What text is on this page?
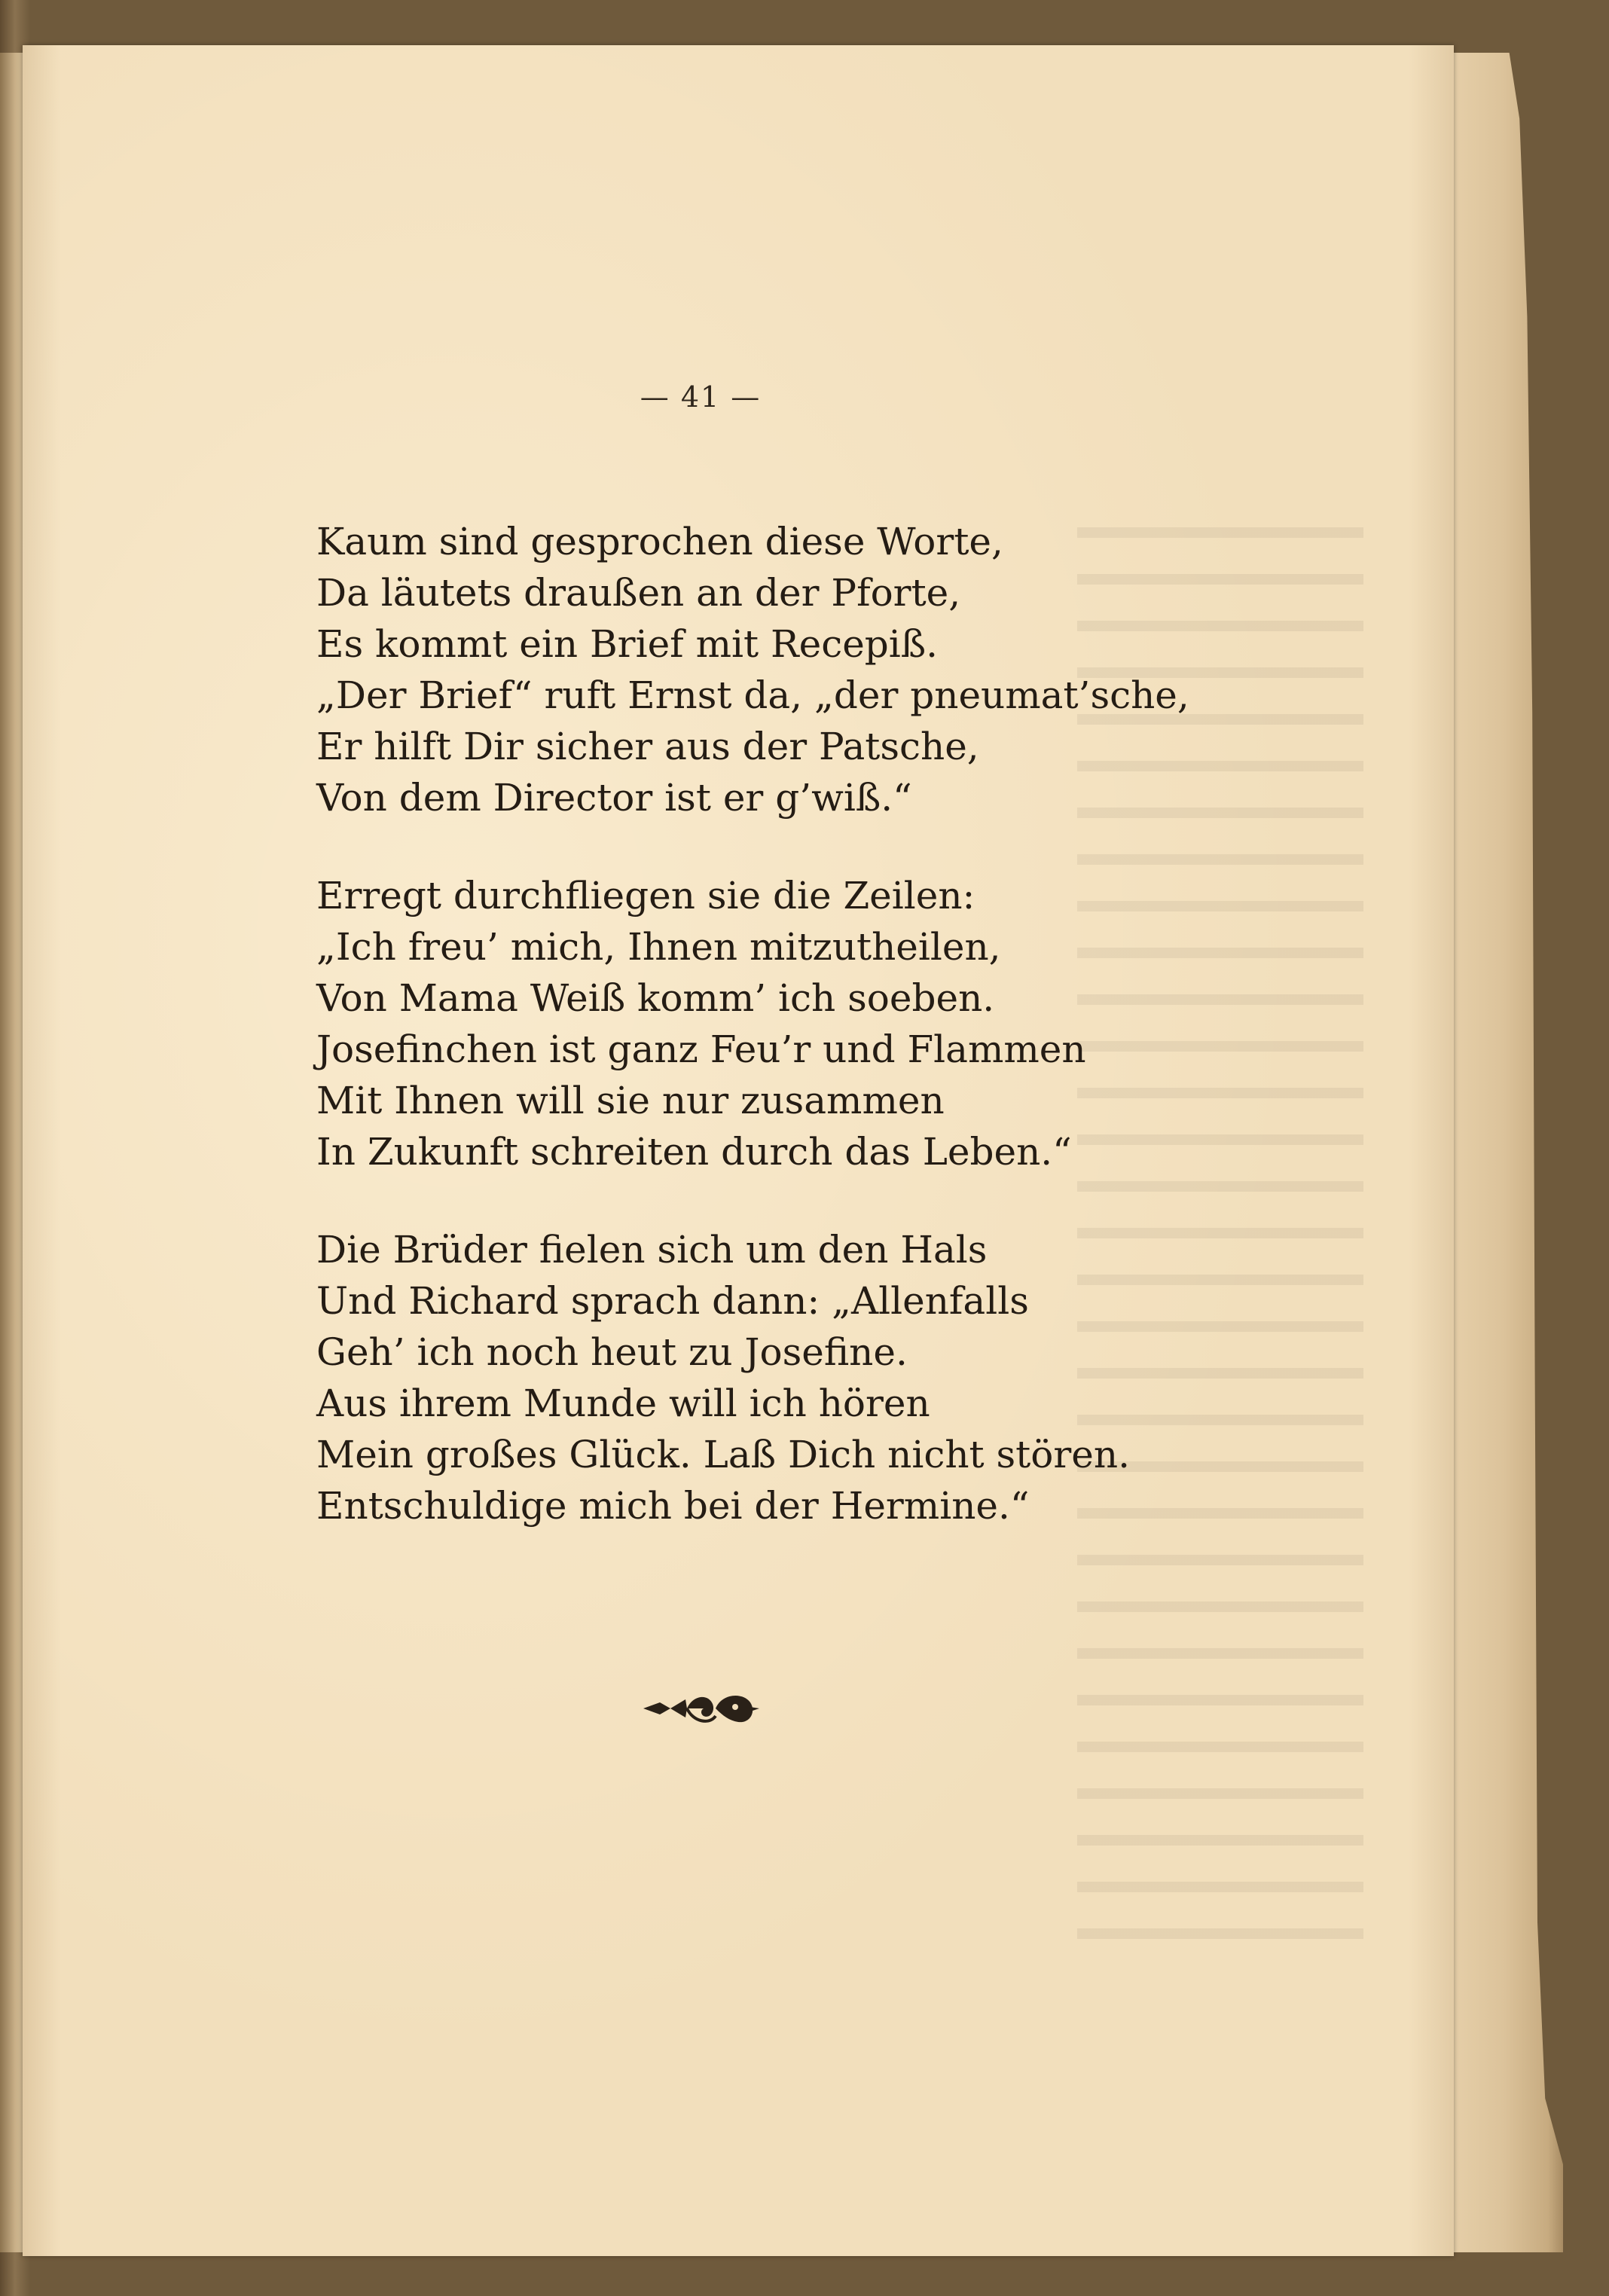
— 41 —
Kaum sind gesprochen diese Worte,
Da läutets draußen an der Pforte,
Es kommt ein Brief mit Recepiß.
„Der Brief“ ruft Ernst da, „der pneumat’sche,
Er hilft Dir sicher aus der Patsche,
Von dem Director ist er g’wiß.“
Erregt durchfliegen sie die Zeilen:
„Ich freu’ mich, Ihnen mitzutheilen,
Von Mama Weiß komm’ ich soeben.
Josefinchen ist ganz Feu’r und Flammen
Mit Ihnen will sie nur zusammen
In Zukunft schreiten durch das Leben.“
Die Brüder fielen sich um den Hals
Und Richard sprach dann: „Allenfalls
Geh’ ich noch heut zu Josefine.
Aus ihrem Munde will ich hören
Mein großes Glück. Laß Dich nicht stören.
Entschuldige mich bei der Hermine.“
